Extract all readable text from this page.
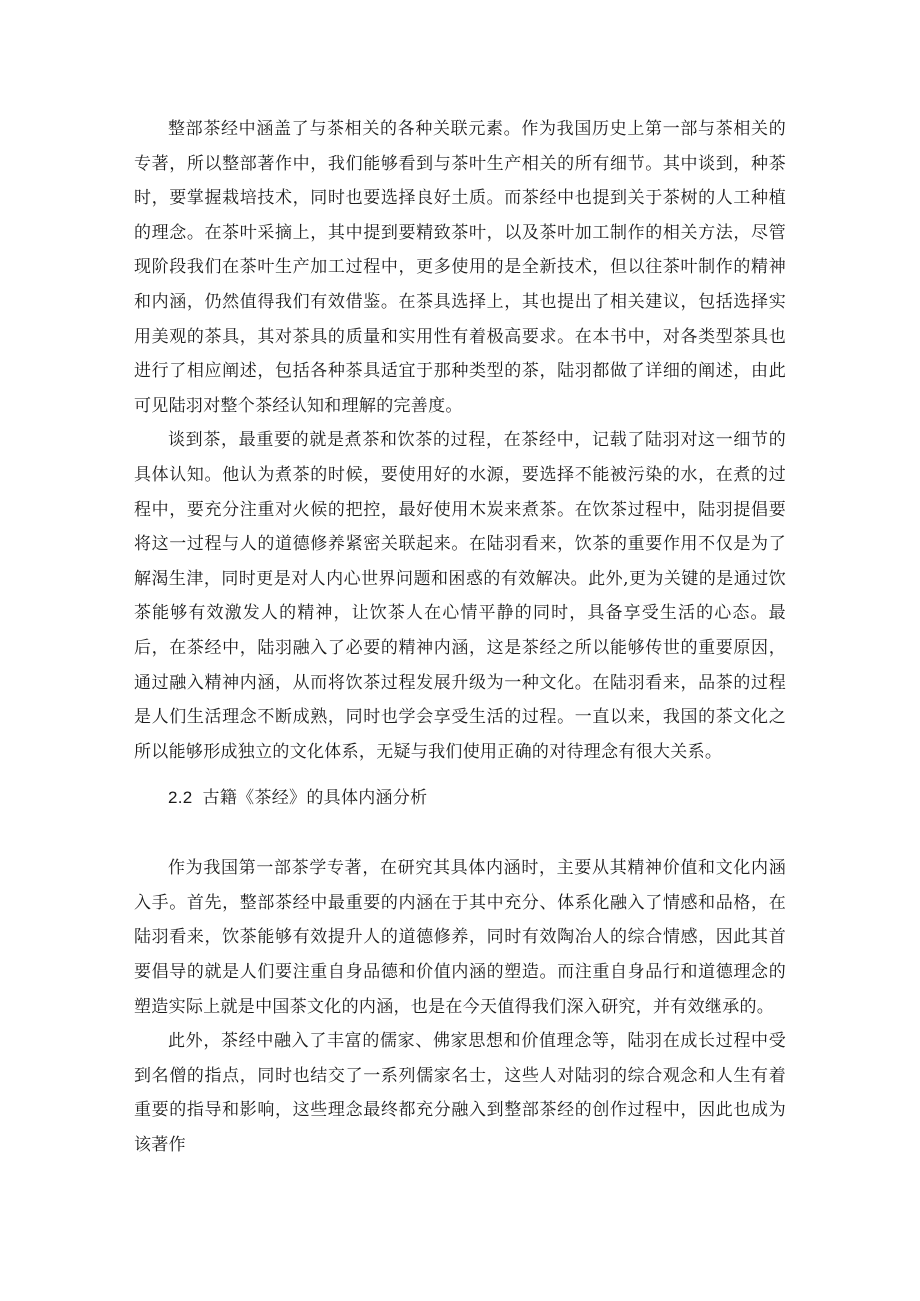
整部茶经中涵盖了与茶相关的各种关联元素。作为我国历史上第一部与茶相关的专著，所以整部著作中，我们能够看到与茶叶生产相关的所有细节。其中谈到，种茶时，要掌握栽培技术，同时也要选择良好土质。而茶经中也提到关于茶树的人工种植的理念。在茶叶采摘上，其中提到要精致茶叶，以及茶叶加工制作的相关方法，尽管现阶段我们在茶叶生产加工过程中，更多使用的是全新技术，但以往茶叶制作的精神和内涵，仍然值得我们有效借鉴。在茶具选择上，其也提出了相关建议，包括选择实用美观的茶具，其对茶具的质量和实用性有着极高要求。在本书中，对各类型茶具也进行了相应阐述，包括各种茶具适宜于那种类型的茶，陆羽都做了详细的阐述，由此可见陆羽对整个茶经认知和理解的完善度。

谈到茶，最重要的就是煮茶和饮茶的过程，在茶经中，记载了陆羽对这一细节的具体认知。他认为煮茶的时候，要使用好的水源，要选择不能被污染的水，在煮的过程中，要充分注重对火候的把控，最好使用木炭来煮茶。在饮茶过程中，陆羽提倡要将这一过程与人的道德修养紧密关联起来。在陆羽看来，饮茶的重要作用不仅是为了解渴生津，同时更是对人内心世界问题和困惑的有效解决。此外,更为关键的是通过饮茶能够有效激发人的精神，让饮茶人在心情平静的同时，具备享受生活的心态。最后，在茶经中，陆羽融入了必要的精神内涵，这是茶经之所以能够传世的重要原因，通过融入精神内涵，从而将饮茶过程发展升级为一种文化。在陆羽看来，品茶的过程是人们生活理念不断成熟，同时也学会享受生活的过程。一直以来，我国的茶文化之所以能够形成独立的文化体系，无疑与我们使用正确的对待理念有很大关系。

2.2 古籍《茶经》的具体内涵分析

作为我国第一部茶学专著，在研究其具体内涵时，主要从其精神价值和文化内涵入手。首先，整部茶经中最重要的内涵在于其中充分、体系化融入了情感和品格，在陆羽看来，饮茶能够有效提升人的道德修养，同时有效陶冶人的综合情感，因此其首要倡导的就是人们要注重自身品德和价值内涵的塑造。而注重自身品行和道德理念的塑造实际上就是中国茶文化的内涵，也是在今天值得我们深入研究，并有效继承的。

此外，茶经中融入了丰富的儒家、佛家思想和价值理念等，陆羽在成长过程中受到名僧的指点，同时也结交了一系列儒家名士，这些人对陆羽的综合观念和人生有着重要的指导和影响，这些理念最终都充分融入到整部茶经的创作过程中，因此也成为该著作
